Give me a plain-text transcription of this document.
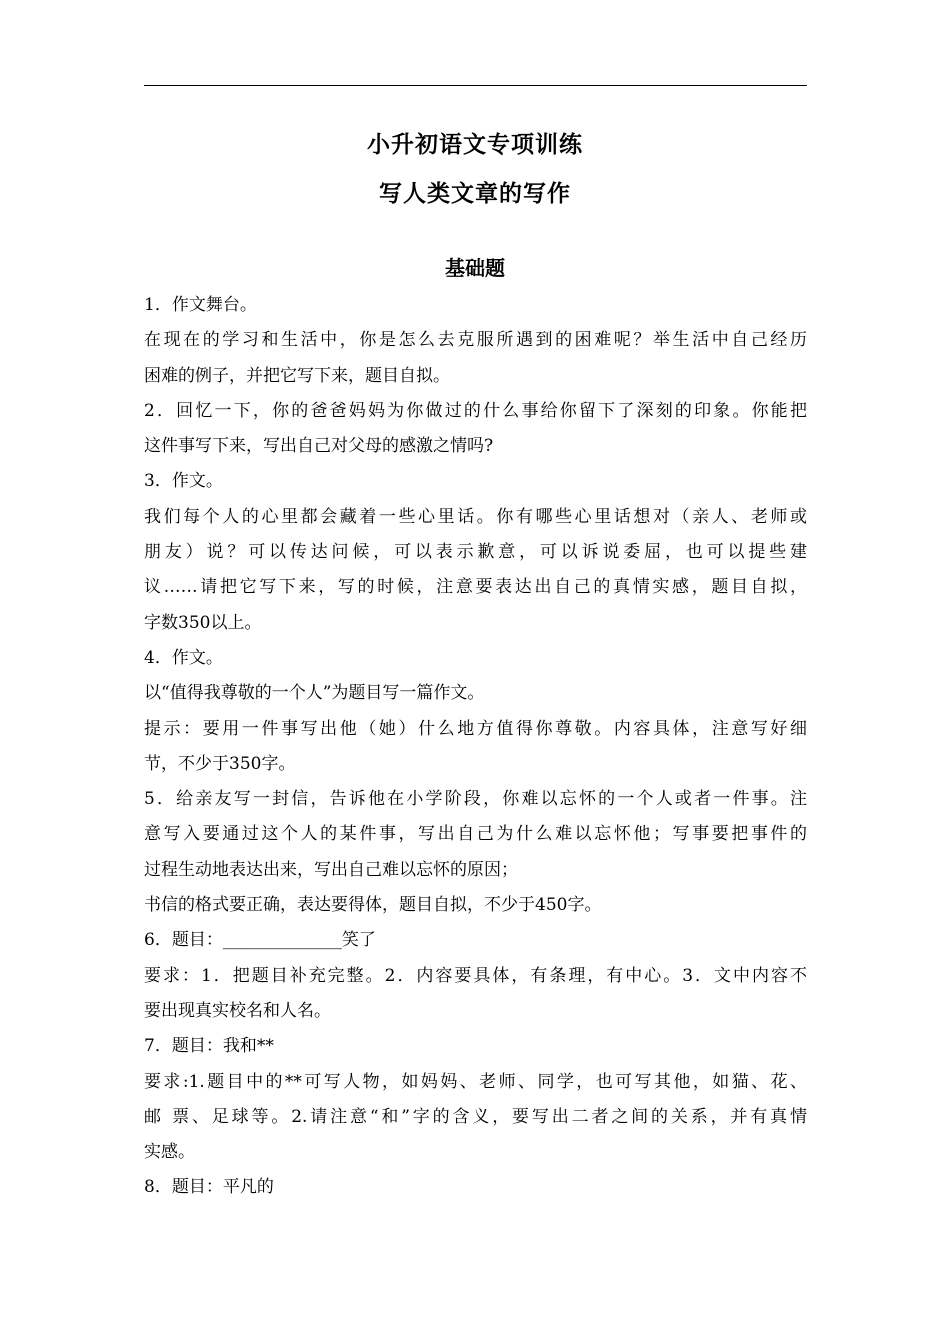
小升初语文专项训练
写人类文章的写作
基础题
1．作文舞台。
在现在的学习和生活中，你是怎么去克服所遇到的困难呢？举生活中自己经历
困难的例子，并把它写下来，题目自拟。
2．回忆一下，你的爸爸妈妈为你做过的什么事给你留下了深刻的印象。你能把
这件事写下来，写出自己对父母的感激之情吗?
3．作文。
我们每个人的心里都会藏着一些心里话。你有哪些心里话想对（亲人、老师或
朋友）说？可以传达问候，可以表示歉意，可以诉说委屈，也可以提些建
议……请把它写下来，写的时候，注意要表达出自己的真情实感，题目自拟，
字数350以上。
4．作文。
以“值得我尊敬的一个人”为题目写一篇作文。
提示：要用一件事写出他（她）什么地方值得你尊敬。内容具体，注意写好细
节，不少于350字。
5．给亲友写一封信，告诉他在小学阶段，你难以忘怀的一个人或者一件事。注
意写入要通过这个人的某件事，写出自己为什么难以忘怀他；写事要把事件的
过程生动地表达出来，写出自己难以忘怀的原因；
书信的格式要正确，表达要得体，题目自拟，不少于450字。
6．题目：______________笑了
要求：1．把题目补充完整。2．内容要具体，有条理，有中心。3．文中内容不
要出现真实校名和人名。
7．题目：我和**
要求:1.题目中的**可写人物，如妈妈、老师、同学，也可写其他，如猫、花、
邮 票、足球等。2.请注意“和”字的含义，要写出二者之间的关系，并有真情
实感。
8．题目：平凡的
